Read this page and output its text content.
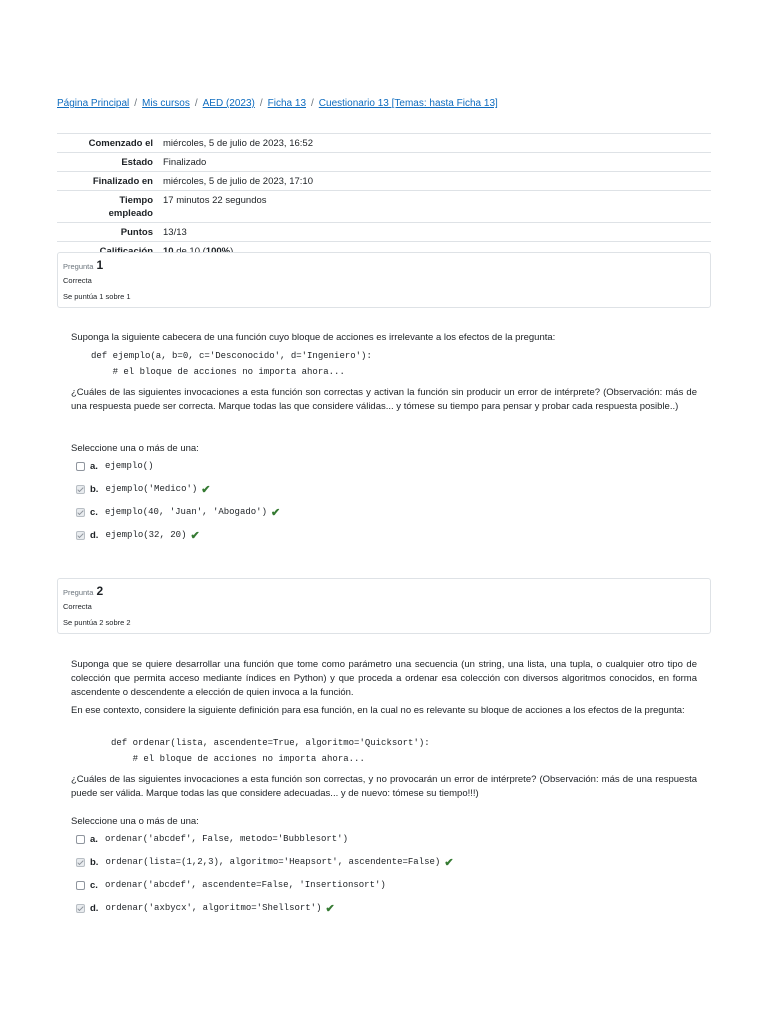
Página Principal / Mis cursos / AED (2023) / Ficha 13 / Cuestionario 13 [Temas: hasta Ficha 13]
Comenzado el	miércoles, 5 de julio de 2023, 16:52
Estado	Finalizado
Finalizado en	miércoles, 5 de julio de 2023, 17:10
Tiempo empleado	17 minutos 22 segundos
Puntos	13/13

Pregunta 1
Correcta
Se puntúa 1 sobre 1
Suponga la siguiente cabecera de una función cuyo bloque de acciones es irrelevante a los efectos de la pregunta:
def ejemplo(a, b=0, c='Desconocido', d='Ingeniero'):
# el bloque de acciones no importa ahora...
¿Cuáles de las siguientes invocaciones a esta función son correctas y activan la función sin producir un error de intérprete? (Observación: más de una respuesta puede ser correcta. Marque todas las que considere válidas... y tómese su tiempo para pensar y probar cada respuesta posible..)
Seleccione una o más de una:
a. ejemplo()
b. ejemplo('Medico') ✔
c. ejemplo(40, 'Juan', 'Abogado') ✔
d. ejemplo(32, 20) ✔
Pregunta 2
Correcta
Se puntúa 2 sobre 2
Suponga que se quiere desarrollar una función que tome como parámetro una secuencia (un string, una lista, una tupla, o cualquier otro tipo de colección que permita acceso mediante índices en Python) y que proceda a ordenar esa colección con diversos algoritmos conocidos, en forma ascendente o descendente a elección de quien invoca a la función.
En ese contexto, considere la siguiente definición para esa función, en la cual no es relevante su bloque de acciones a los efectos de la pregunta:
def ordenar(lista, ascendente=True, algoritmo='Quicksort'):
# el bloque de acciones no importa ahora...
¿Cuáles de las siguientes invocaciones a esta función son correctas, y no provocarán un error de intérprete? (Observación: más de una respuesta puede ser válida. Marque todas las que considere adecuadas... y de nuevo: tómese su tiempo!!!)
Seleccione una o más de una:
a. ordenar('abcdef', False, metodo='Bubblesort')
b. ordenar(lista=(1,2,3), algoritmo='Heapsort', ascendente=False) ✔
c. ordenar('abcdef', ascendente=False, 'Insertionsort')
d. ordenar('axbycx', algoritmo='Shellsort') ✔
